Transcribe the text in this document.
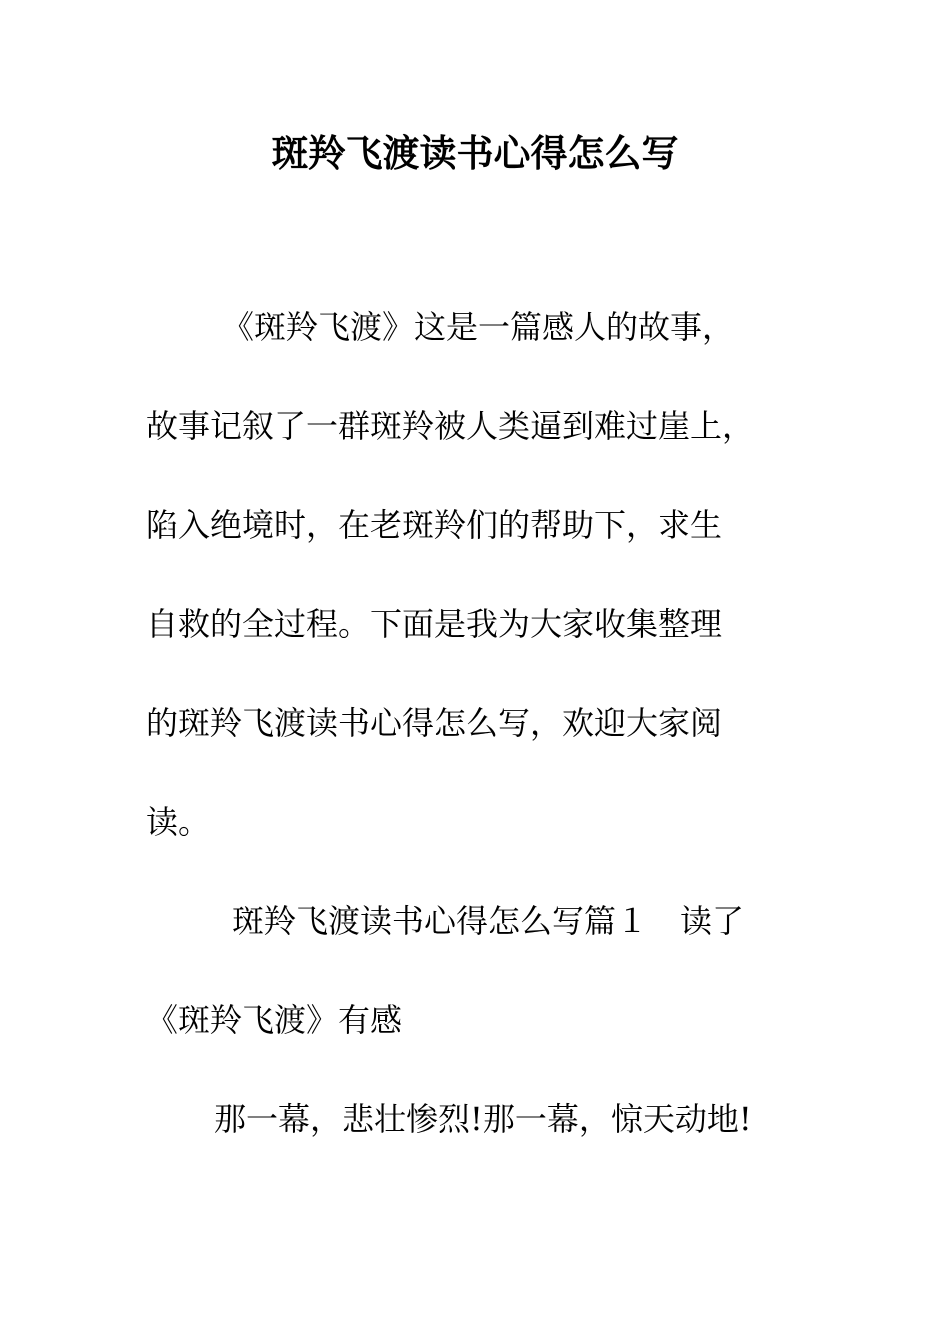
斑羚飞渡读书心得怎么写
《斑羚飞渡》这是一篇感人的故事，
故事记叙了一群斑羚被人类逼到难过崖上，
陷入绝境时，在老斑羚们的帮助下，求生
自救的全过程。下面是我为大家收集整理
的斑羚飞渡读书心得怎么写，欢迎大家阅
读。
斑羚飞渡读书心得怎么写篇１　读了
《斑羚飞渡》有感
那一幕，悲壮惨烈!那一幕，惊天动地!
